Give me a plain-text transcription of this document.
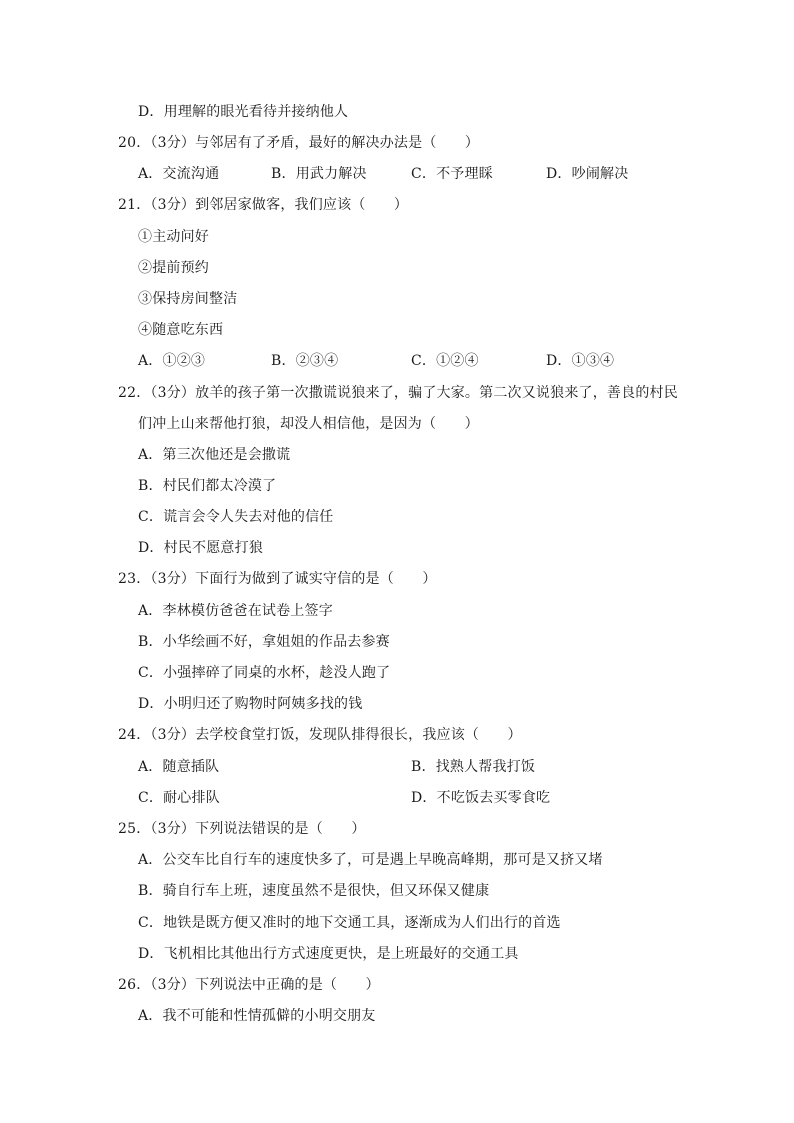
D．用理解的眼光看待并接纳他人
20．（3分）与邻居有了矛盾，最好的解决办法是（　　）
A．交流沟通	B．用武力解决	C．不予理睬	D．吵闹解决
21．（3分）到邻居家做客，我们应该（　　）
①主动问好
②提前预约
③保持房间整洁
④随意吃东西
A．①②③	B．②③④	C．①②④	D．①③④
22．（3分）放羊的孩子第一次撒谎说狼来了，骗了大家。第二次又说狼来了，善良的村民
们冲上山来帮他打狼，却没人相信他，是因为（　　）
A．第三次他还是会撒谎
B．村民们都太冷漠了
C．谎言会令人失去对他的信任
D．村民不愿意打狼
23．（3分）下面行为做到了诚实守信的是（　　）
A．李林模仿爸爸在试卷上签字
B．小华绘画不好，拿姐姐的作品去参赛
C．小强摔碎了同桌的水杯，趁没人跑了
D．小明归还了购物时阿姨多找的钱
24．（3分）去学校食堂打饭，发现队排得很长，我应该（　　）
A．随意插队	B．找熟人帮我打饭
C．耐心排队	D．不吃饭去买零食吃
25．（3分）下列说法错误的是（　　）
A．公交车比自行车的速度快多了，可是遇上早晚高峰期，那可是又挤又堵
B．骑自行车上班，速度虽然不是很快，但又环保又健康
C．地铁是既方便又准时的地下交通工具，逐渐成为人们出行的首选
D．飞机相比其他出行方式速度更快，是上班最好的交通工具
26．（3分）下列说法中正确的是（　　）
A．我不可能和性情孤僻的小明交朋友
